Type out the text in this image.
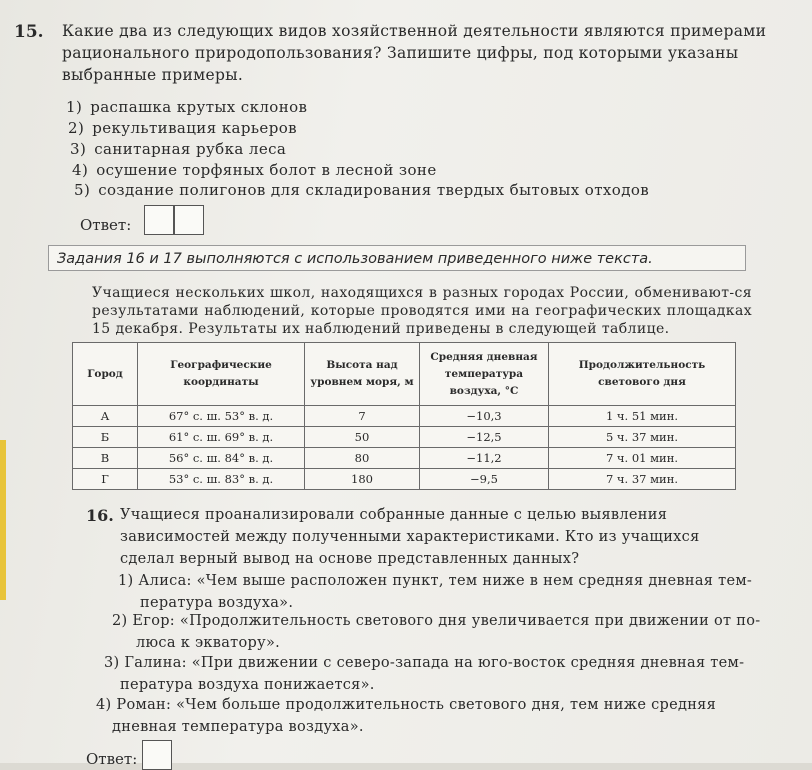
15. Какие два из следующих видов хозяйственной деятельности являются примерами рационального природопользования? Запишите цифры, под которыми указаны выбранные примеры.
1) распашка крутых склонов
2) рекультивация карьеров
3) санитарная рубка леса
4) осушение торфяных болот в лесной зоне
5) создание полигонов для складирования твердых бытовых отходов
Ответ:
Задания 16 и 17 выполняются с использованием приведенного ниже текста.
Учащиеся нескольких школ, находящихся в разных городах России, обменивают-ся результатами наблюдений, которые проводятся ими на географических площадках 15 декабря. Результаты их наблюдений приведены в следующей таблице.
Город	Географические координаты	Высота над уровнем моря, м	Средняя дневная температура воздуха, °С	Продолжительность светового дня
А	67° с. ш. 53° в. д.	7	−10,3	1 ч. 51 мин.
Б	61° с. ш. 69° в. д.	50	−12,5	5 ч. 37 мин.
В	56° с. ш. 84° в. д.	80	−11,2	7 ч. 01 мин.
Г	53° с. ш. 83° в. д.	180	−9,5	7 ч. 37 мин.
16. Учащиеся проанализировали собранные данные с целью выявления зависимостей между полученными характеристиками. Кто из учащихся сделал верный вывод на основе представленных данных?
1) Алиса: «Чем выше расположен пункт, тем ниже в нем средняя дневная тем-
пература воздуха».
2) Егор: «Продолжительность светового дня увеличивается при движении от по-
люса к экватору».
3) Галина: «При движении с северо-запада на юго-восток средняя дневная тем-
пература воздуха понижается».
4) Роман: «Чем больше продолжительность светового дня, тем ниже средняя
дневная температура воздуха».
Ответ:
